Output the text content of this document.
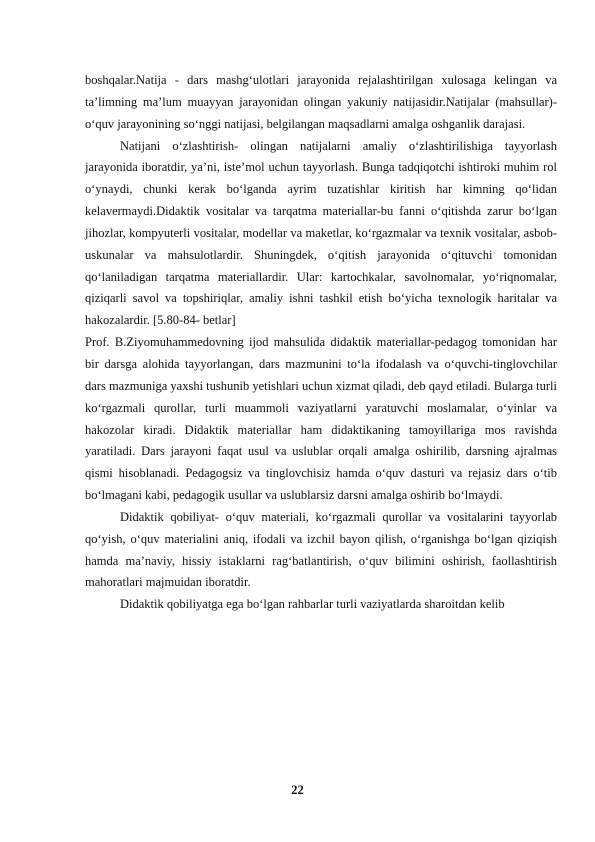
boshqalar.Natija - dars mashg‘ulotlari jarayonida rejalashtirilgan xulosaga kelingan va ta’limning ma’lum muayyan jarayonidan olingan yakuniy natijasidir.Natijalar (mahsullar)-o‘quv jarayonining so‘nggi natijasi, belgilangan maqsadlarni amalga oshganlik darajasi.

Natijani o‘zlashtirish- olingan natijalarni amaliy o‘zlashtirilishiga tayyorlash jarayonida iboratdir, ya’ni, iste’mol uchun tayyorlash. Bunga tadqiqotchi ishtiroki muhim rol o‘ynaydi, chunki kerak bo‘lganda ayrim tuzatishlar kiritish har kimning qo‘lidan kelavermaydi.Didaktik vositalar va tarqatma materiallar-bu fanni o‘qitishda zarur bo‘lgan jihozlar, kompyuterli vositalar, modellar va maketlar, ko‘rgazmalar va texnik vositalar, asbob-uskunalar va mahsulotlardir. Shuningdek, o‘qitish jarayonida o‘qituvchi tomonidan qo‘laniladigan tarqatma materiallardir. Ular: kartochkalar, savolnomalar, yo‘riqnomalar, qiziqarli savol va topshiriqlar, amaliy ishni tashkil etish bo‘yicha texnologik haritalar va hakozalardir. [5.80-84- betlar]

Prof. B.Ziyomuhammedovning ijod mahsulida didaktik materiallar-pedagog tomonidan har bir darsga alohida tayyorlangan, dars mazmunini to‘la ifodalash va o‘quvchi-tinglovchilar dars mazmuniga yaxshi tushunib yetishlari uchun xizmat qiladi, deb qayd etiladi. Bularga turli ko‘rgazmali qurollar, turli muammoli vaziyatlarni yaratuvchi moslamalar, o‘yinlar va hakozolar kiradi. Didaktik materiallar ham didaktikaning tamoyillariga mos ravishda yaratiladi. Dars jarayoni faqat usul va uslublar orqali amalga oshirilib, darsning ajralmas qismi hisoblanadi. Pedagogsiz va tinglovchisiz hamda o‘quv dasturi va rejasiz dars o‘tib bo‘lmagani kabi, pedagogik usullar va uslublarsiz darsni amalga oshirib bo‘lmaydi.

Didaktik qobiliyat- o‘quv materiali, ko‘rgazmali qurollar va vositalarini tayyorlab qo‘yish, o‘quv materialini aniq, ifodali va izchil bayon qilish, o‘rganishga bo‘lgan qiziqish hamda ma’naviy, hissiy istaklarni rag‘batlantirish, o‘quv bilimini oshirish, faollashtirish mahoratlari majmuidan iboratdir.

Didaktik qobiliyatga ega bo‘lgan rahbarlar turli vaziyatlarda sharoitdan kelib

22
